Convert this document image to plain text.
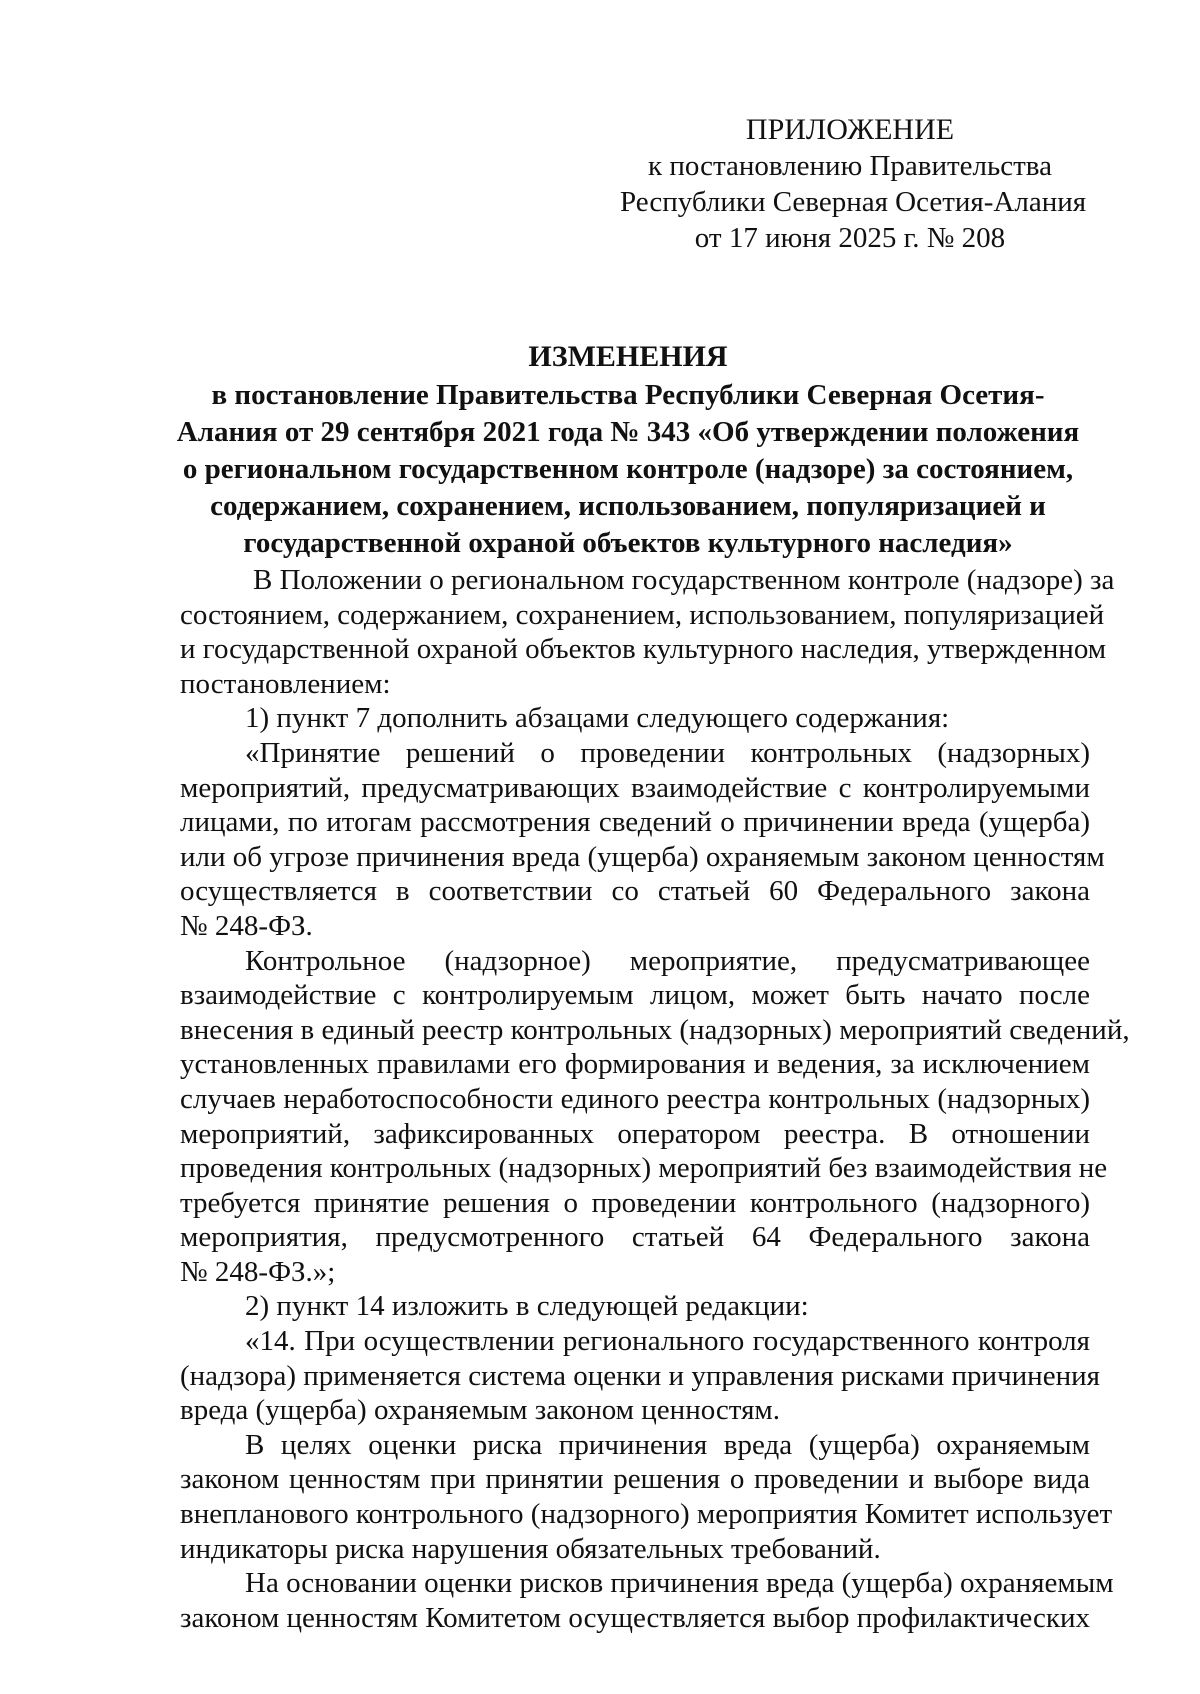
ПРИЛОЖЕНИЕ
к постановлению Правительства
Республики Северная Осетия-Алания
от 17 июня 2025 г. № 208
ИЗМЕНЕНИЯ
в постановление Правительства Республики Северная Осетия-
Алания от 29 сентября 2021 года № 343 «Об утверждении положения
о региональном государственном контроле (надзоре) за состоянием,
содержанием, сохранением, использованием, популяризацией и
государственной охраной объектов культурного наследия»
В Положении о региональном государственном контроле (надзоре) за
состоянием, содержанием, сохранением, использованием, популяризацией
и государственной охраной объектов культурного наследия, утвержденном
постановлением:
1) пункт 7 дополнить абзацами следующего содержания:
«Принятие решений о проведении контрольных (надзорных)
мероприятий, предусматривающих взаимодействие с контролируемыми
лицами, по итогам рассмотрения сведений о причинении вреда (ущерба)
или об угрозе причинения вреда (ущерба) охраняемым законом ценностям
осуществляется в соответствии со статьей 60 Федерального закона
№ 248-ФЗ.
Контрольное (надзорное) мероприятие, предусматривающее
взаимодействие с контролируемым лицом, может быть начато после
внесения в единый реестр контрольных (надзорных) мероприятий сведений,
установленных правилами его формирования и ведения, за исключением
случаев неработоспособности единого реестра контрольных (надзорных)
мероприятий, зафиксированных оператором реестра. В отношении
проведения контрольных (надзорных) мероприятий без взаимодействия не
требуется принятие решения о проведении контрольного (надзорного)
мероприятия, предусмотренного статьей 64 Федерального закона
№ 248-ФЗ.»;
2) пункт 14 изложить в следующей редакции:
«14. При осуществлении регионального государственного контроля
(надзора) применяется система оценки и управления рисками причинения
вреда (ущерба) охраняемым законом ценностям.
В целях оценки риска причинения вреда (ущерба) охраняемым
законом ценностям при принятии решения о проведении и выборе вида
внепланового контрольного (надзорного) мероприятия Комитет использует
индикаторы риска нарушения обязательных требований.
На основании оценки рисков причинения вреда (ущерба) охраняемым
законом ценностям Комитетом осуществляется выбор профилактических
